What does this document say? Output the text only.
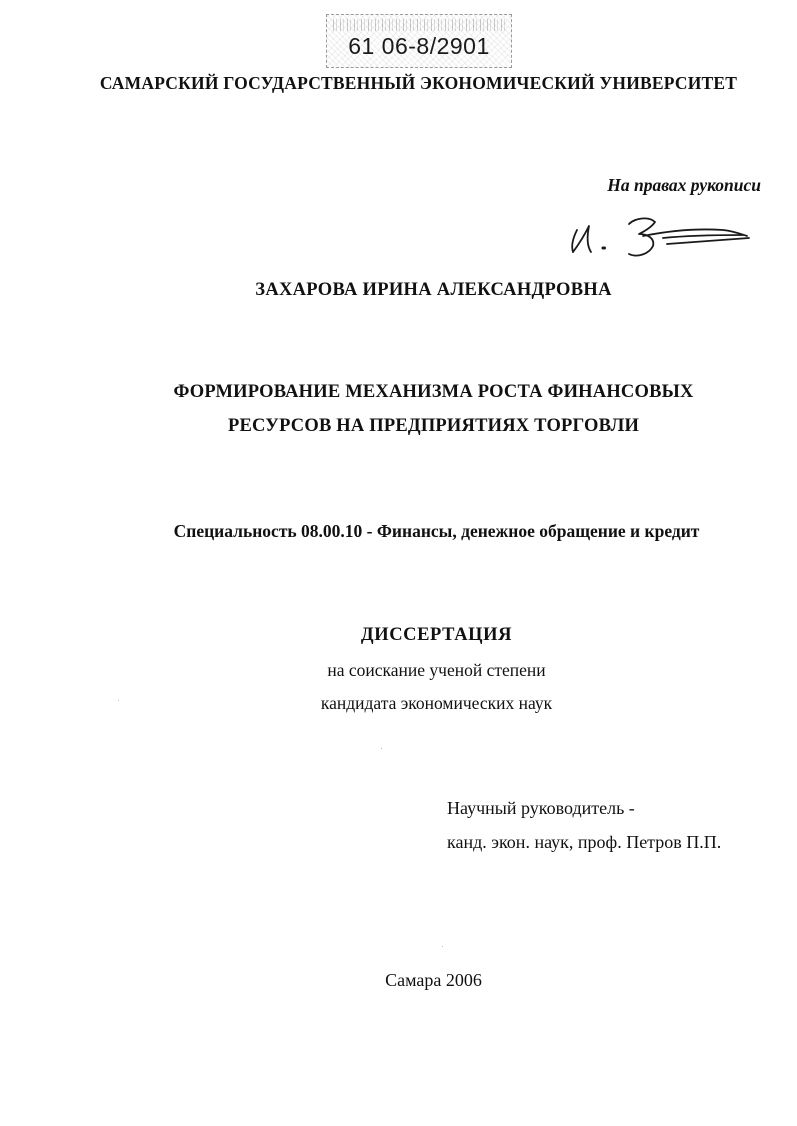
61 06-8/2901
САМАРСКИЙ ГОСУДАРСТВЕННЫЙ ЭКОНОМИЧЕСКИЙ УНИВЕРСИТЕТ
На правах рукописи
ЗАХАРОВА ИРИНА АЛЕКСАНДРОВНА
ФОРМИРОВАНИЕ МЕХАНИЗМА РОСТА ФИНАНСОВЫХ
РЕСУРСОВ НА ПРЕДПРИЯТИЯХ ТОРГОВЛИ
Специальность 08.00.10 - Финансы, денежное обращение и кредит
ДИССЕРТАЦИЯ
на соискание ученой степени
кандидата экономических наук
Научный руководитель -
канд. экон. наук, проф. Петров П.П.
Самара 2006
